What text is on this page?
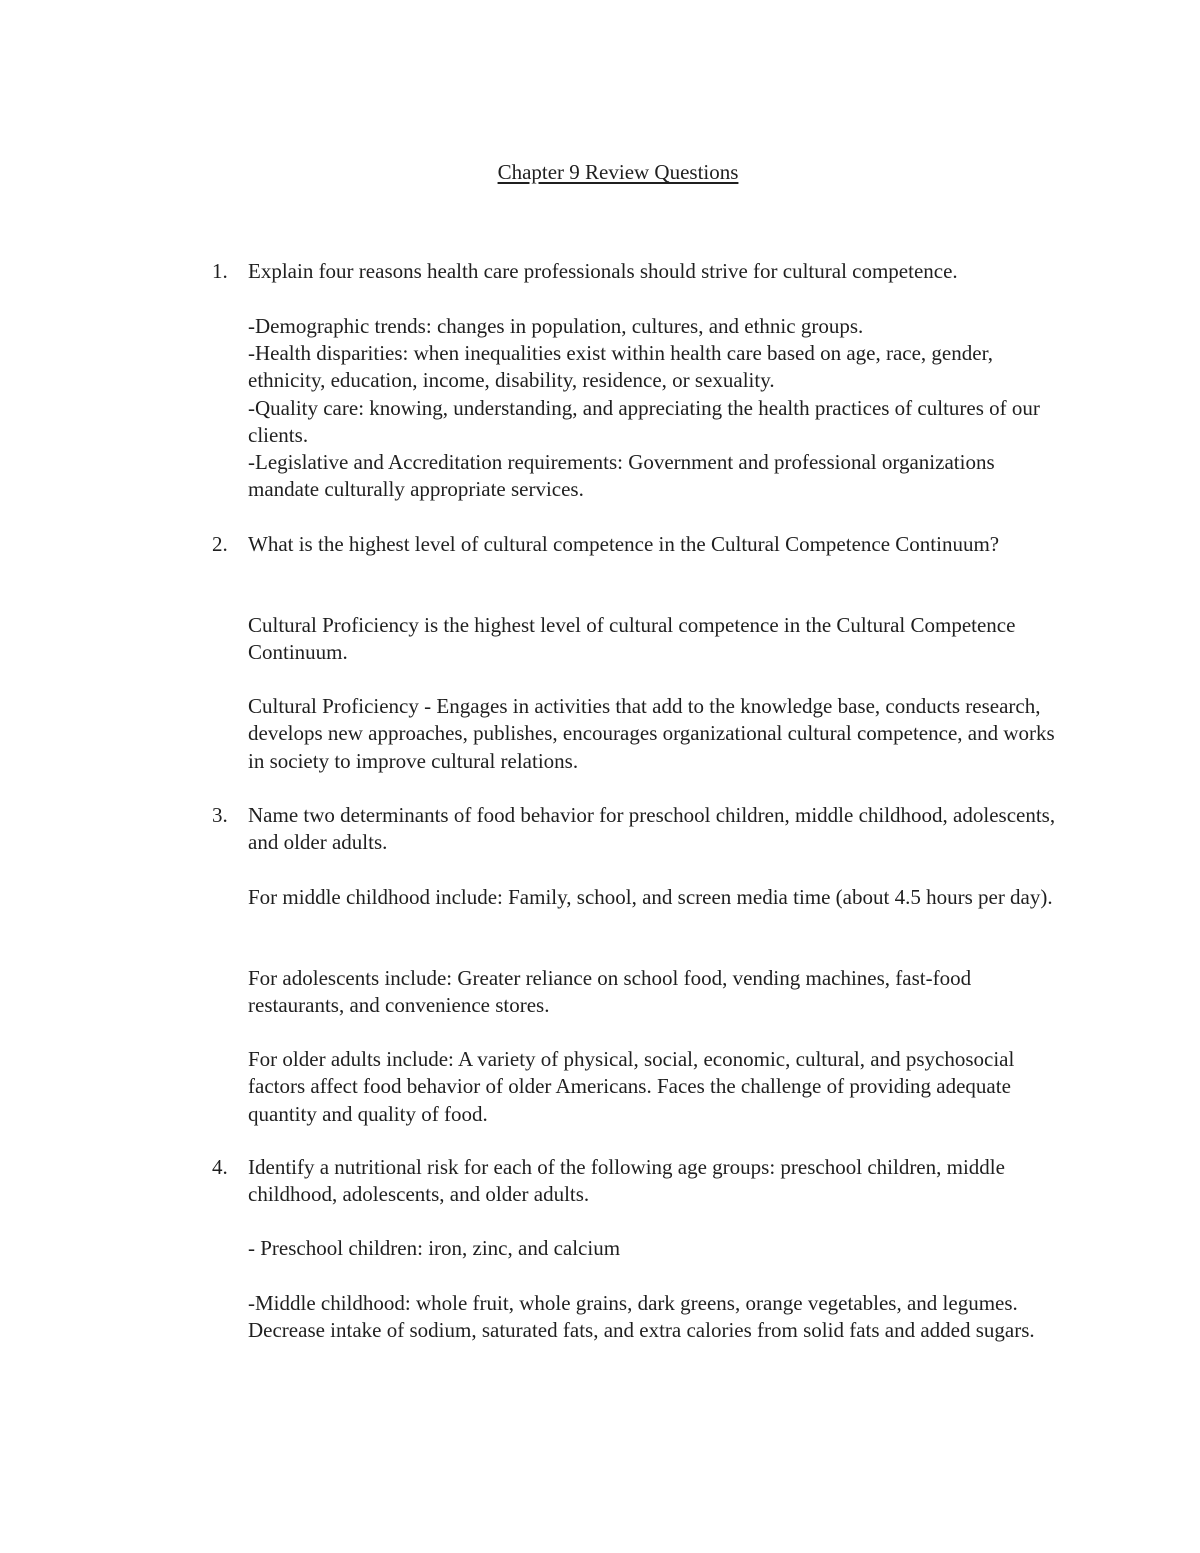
Chapter 9 Review Questions
1. Explain four reasons health care professionals should strive for cultural competence.

-Demographic trends: changes in population, cultures, and ethnic groups.

-Health disparities: when inequalities exist within health care based on age, race, gender, ethnicity, education, income, disability, residence, or sexuality.

-Quality care: knowing, understanding, and appreciating the health practices of cultures of our clients.

-Legislative and Accreditation requirements: Government and professional organizations mandate culturally appropriate services.

2. What is the highest level of cultural competence in the Cultural Competence Continuum?

Cultural Proficiency is the highest level of cultural competence in the Cultural Competence Continuum.

Cultural Proficiency - Engages in activities that add to the knowledge base, conducts research, develops new approaches, publishes, encourages organizational cultural competence, and works in society to improve cultural relations.

3. Name two determinants of food behavior for preschool children, middle childhood, adolescents, and older adults.

For middle childhood include: Family, school, and screen media time (about 4.5 hours per day).

For adolescents include: Greater reliance on school food, vending machines, fast-food restaurants, and convenience stores.

For older adults include: A variety of physical, social, economic, cultural, and psychosocial factors affect food behavior of older Americans. Faces the challenge of providing adequate quantity and quality of food.

4. Identify a nutritional risk for each of the following age groups: preschool children, middle childhood, adolescents, and older adults.

- Preschool children: iron, zinc, and calcium

-Middle childhood: whole fruit, whole grains, dark greens, orange vegetables, and legumes. Decrease intake of sodium, saturated fats, and extra calories from solid fats and added sugars.
